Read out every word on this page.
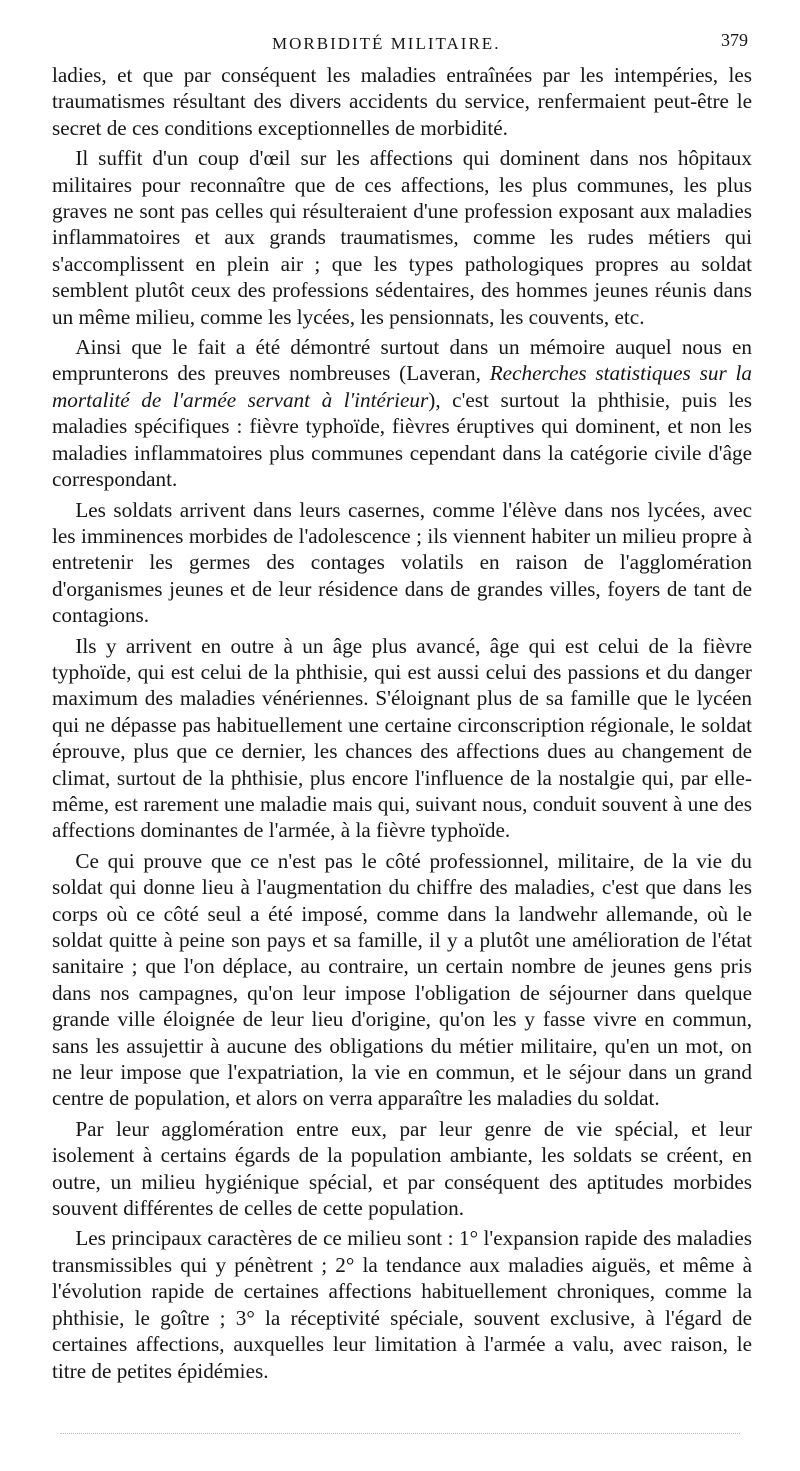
MORBIDITÉ MILITAIRE.	379

ladies, et que par conséquent les maladies entraînées par les intempéries, les traumatismes résultant des divers accidents du service, renfermaient peut-être le secret de ces conditions exceptionnelles de morbidité.

Il suffit d'un coup d'œil sur les affections qui dominent dans nos hôpitaux militaires pour reconnaître que de ces affections, les plus communes, les plus graves ne sont pas celles qui résulteraient d'une profession exposant aux maladies inflammatoires et aux grands traumatismes, comme les rudes métiers qui s'accomplissent en plein air ; que les types pathologiques propres au soldat semblent plutôt ceux des professions sédentaires, des hommes jeunes réunis dans un même milieu, comme les lycées, les pensionnats, les couvents, etc.

Ainsi que le fait a été démontré surtout dans un mémoire auquel nous en emprunterons des preuves nombreuses (Laveran, Recherches statistiques sur la mortalité de l'armée servant à l'intérieur), c'est surtout la phthisie, puis les maladies spécifiques : fièvre typhoïde, fièvres éruptives qui dominent, et non les maladies inflammatoires plus communes cependant dans la catégorie civile d'âge correspondant.

Les soldats arrivent dans leurs casernes, comme l'élève dans nos lycées, avec les imminences morbides de l'adolescence ; ils viennent habiter un milieu propre à entretenir les germes des contages volatils en raison de l'agglomération d'organismes jeunes et de leur résidence dans de grandes villes, foyers de tant de contagions.

Ils y arrivent en outre à un âge plus avancé, âge qui est celui de la fièvre typhoïde, qui est celui de la phthisie, qui est aussi celui des passions et du danger maximum des maladies vénériennes. S'éloignant plus de sa famille que le lycéen qui ne dépasse pas habituellement une certaine circonscription régionale, le soldat éprouve, plus que ce dernier, les chances des affections dues au changement de climat, surtout de la phthisie, plus encore l'influence de la nostalgie qui, par elle-même, est rarement une maladie mais qui, suivant nous, conduit souvent à une des affections dominantes de l'armée, à la fièvre typhoïde.

Ce qui prouve que ce n'est pas le côté professionnel, militaire, de la vie du soldat qui donne lieu à l'augmentation du chiffre des maladies, c'est que dans les corps où ce côté seul a été imposé, comme dans la landwehr allemande, où le soldat quitte à peine son pays et sa famille, il y a plutôt une amélioration de l'état sanitaire ; que l'on déplace, au contraire, un certain nombre de jeunes gens pris dans nos campagnes, qu'on leur impose l'obligation de séjourner dans quelque grande ville éloignée de leur lieu d'origine, qu'on les y fasse vivre en commun, sans les assujettir à aucune des obligations du métier militaire, qu'en un mot, on ne leur impose que l'expatriation, la vie en commun, et le séjour dans un grand centre de population, et alors on verra apparaître les maladies du soldat.

Par leur agglomération entre eux, par leur genre de vie spécial, et leur isolement à certains égards de la population ambiante, les soldats se créent, en outre, un milieu hygiénique spécial, et par conséquent des aptitudes morbides souvent différentes de celles de cette population.

Les principaux caractères de ce milieu sont : 1° l'expansion rapide des maladies transmissibles qui y pénètrent ; 2° la tendance aux maladies aiguës, et même à l'évolution rapide de certaines affections habituellement chroniques, comme la phthisie, le goître ; 3° la réceptivité spéciale, souvent exclusive, à l'égard de certaines affections, auxquelles leur limitation à l'armée a valu, avec raison, le titre de petites épidémies.
